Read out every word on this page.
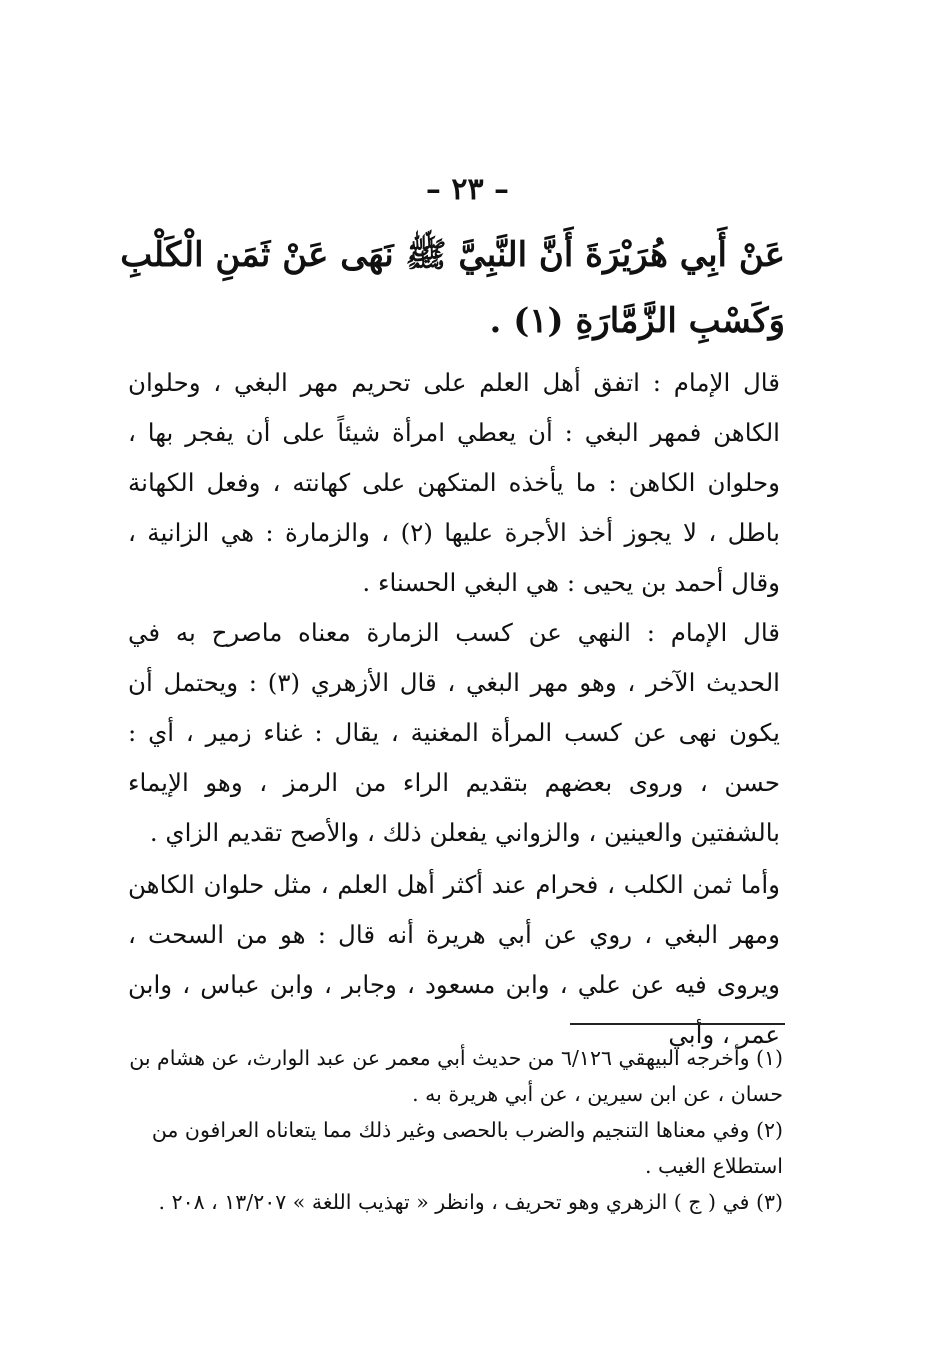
– ٢٣ –
عَنْ أَبِي هُرَيْرَةَ أَنَّ النَّبِيَّ ﷺ نَهَى عَنْ ثَمَنِ الْكَلْبِ وَكَسْبِ الزَّمَّارَةِ (١) .
قال الإمام : اتفق أهل العلم على تحريم مهر البغي ، وحلوان الكاهن فمهر البغي : أن يعطي امرأة شيئاً على أن يفجر بها ، وحلوان الكاهن : ما يأخذه المتكهن على كهانته ، وفعل الكهانة باطل ، لا يجوز أخذ الأجرة عليها (٢) ، والزمارة : هي الزانية ، وقال أحمد بن يحيى : هي البغي الحسناء .
قال الإمام : النهي عن كسب الزمارة معناه ماصرح به في الحديث الآخر ، وهو مهر البغي ، قال الأزهري (٣) : ويحتمل أن يكون نهى عن كسب المرأة المغنية ، يقال : غناء زمير ، أي : حسن ، وروى بعضهم بتقديم الراء من الرمز ، وهو الإيماء بالشفتين والعينين ، والزواني يفعلن ذلك ، والأصح تقديم الزاي .
وأما ثمن الكلب ، فحرام عند أكثر أهل العلم ، مثل حلوان الكاهن ومهر البغي ، روي عن أبي هريرة أنه قال : هو من السحت ، ويروى فيه عن علي ، وابن مسعود ، وجابر ، وابن عباس ، وابن عمر ، وأبي

(١) وأخرجه البيهقي ٦/١٢٦ من حديث أبي معمر عن عبد الوارث، عن هشام بن حسان ، عن ابن سيرين ، عن أبي هريرة به .

(٢) وفي معناها التنجيم والضرب بالحصى وغير ذلك مما يتعاناه العرافون من استطلاع الغيب .

(٣) في ( ج ) الزهري وهو تحريف ، وانظر « تهذيب اللغة » ١٣/٢٠٧ ، ٢٠٨ .
